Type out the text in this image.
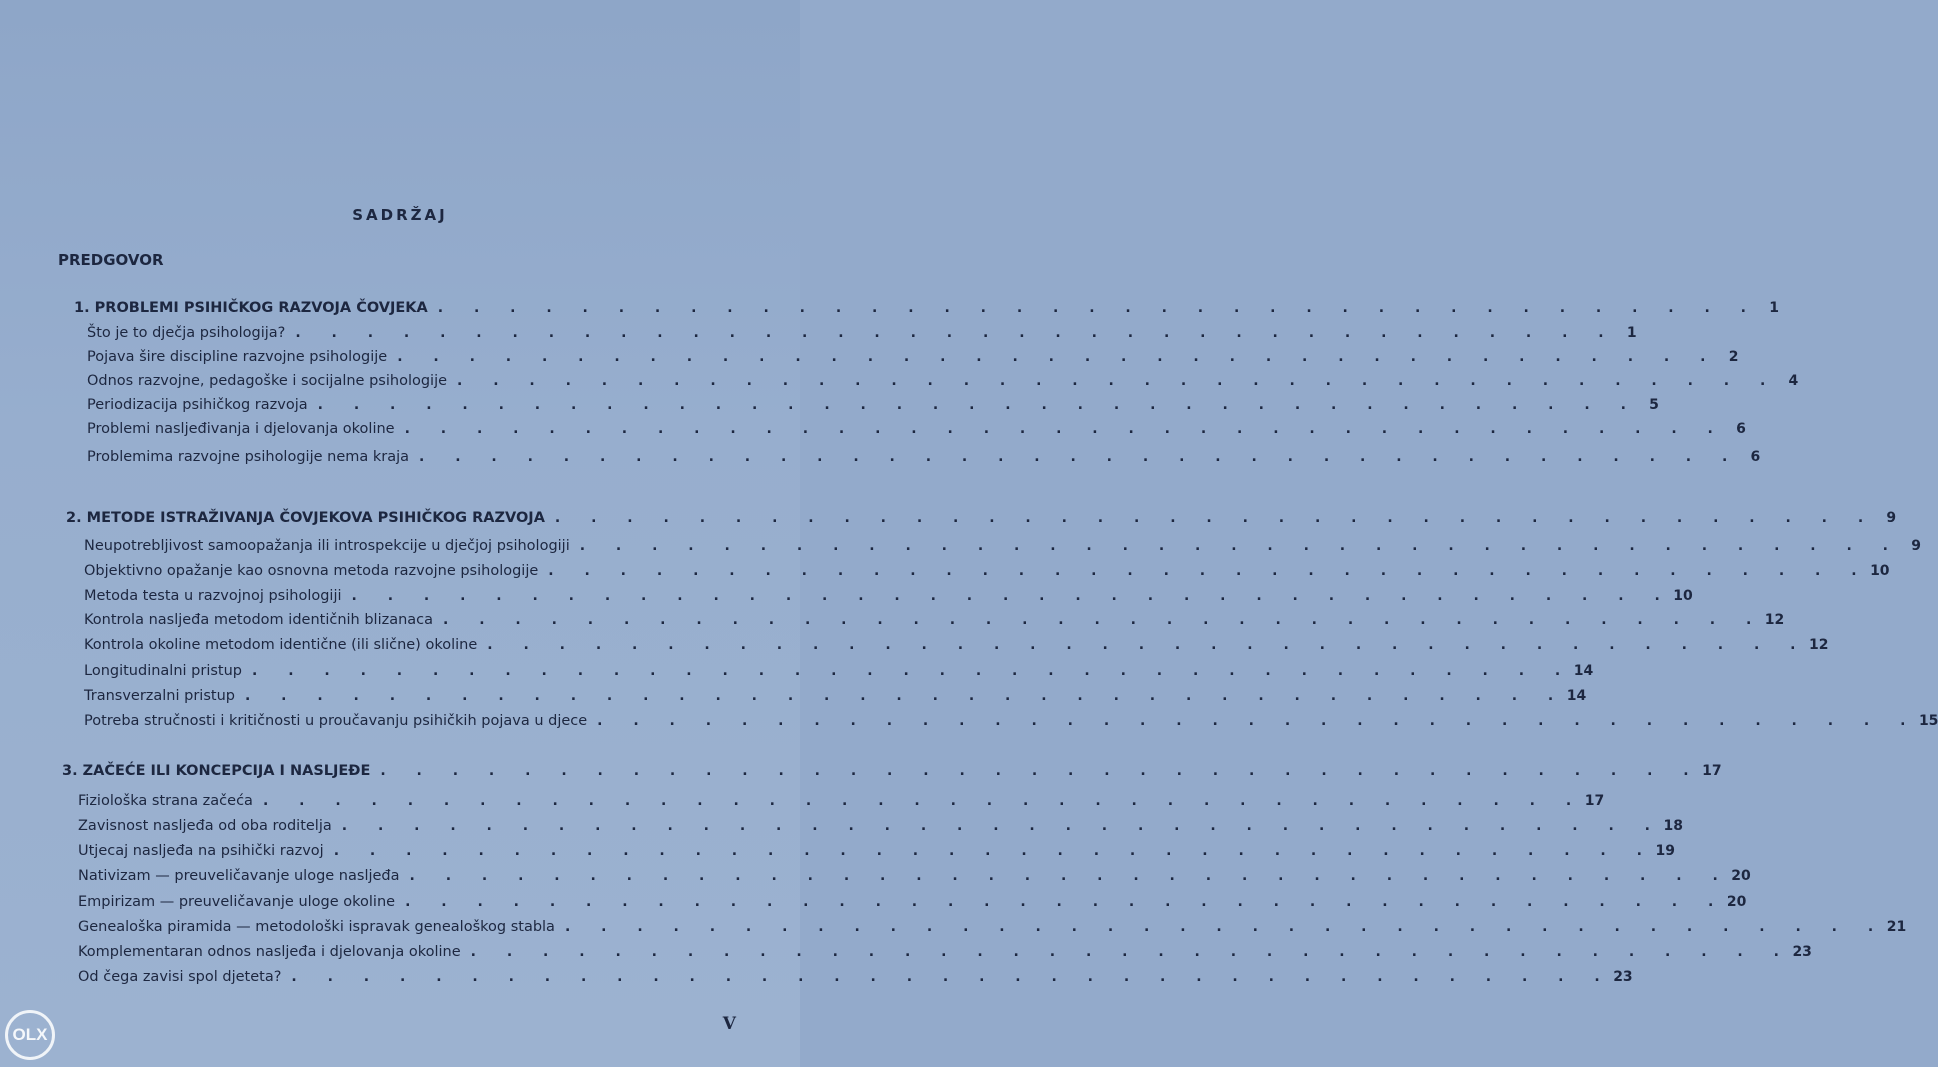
SADRŽAJ
PREDGOVOR
1. PROBLEMI PSIHIČKOG RAZVOJA ČOVJEKA . . . . . . . . . . . . . . . . . . . . . . . . . . . . . . . . . . . . . 1
Što je to dječja psihologija? . . . . . . . . . . . . . . . . . . . . . . . . . . . . . . . . . . . . . 1
Pojava šire discipline razvojne psihologije . . . . . . . . . . . . . . . . . . . . . . . . . . . . . . . . . . . . . 2
Odnos razvojne, pedagoške i socijalne psihologije . . . . . . . . . . . . . . . . . . . . . . . . . . . . . . . . . . . . . 4
Periodizacija psihičkog razvoja . . . . . . . . . . . . . . . . . . . . . . . . . . . . . . . . . . . . . 5
Problemi nasljeđivanja i djelovanja okoline . . . . . . . . . . . . . . . . . . . . . . . . . . . . . . . . . . . . . 6
Problemima razvojne psihologije nema kraja . . . . . . . . . . . . . . . . . . . . . . . . . . . . . . . . . . . . . 6
2. METODE ISTRAŽIVANJA ČOVJEKOVA PSIHIČKOG RAZVOJA . . . . . . . . . . . . . . . . . . . . . . . . . . . . . . . . . . . . . 9
Neupotrebljivost samoopažanja ili introspekcije u dječjoj psihologiji . . . . . . . . . . . . . . . . . . . . . . . . . . . . . . . . . . . . . 9
Objektivno opažanje kao osnovna metoda razvojne psihologije . . . . . . . . . . . . . . . . . . . . . . . . . . . . . . . . . . . . . 10
Metoda testa u razvojnoj psihologiji . . . . . . . . . . . . . . . . . . . . . . . . . . . . . . . . . . . . . 10
Kontrola nasljeđa metodom identičnih blizanaca . . . . . . . . . . . . . . . . . . . . . . . . . . . . . . . . . . . . . 12
Kontrola okoline metodom identične (ili slične) okoline . . . . . . . . . . . . . . . . . . . . . . . . . . . . . . . . . . . . . 12
Longitudinalni pristup . . . . . . . . . . . . . . . . . . . . . . . . . . . . . . . . . . . . . 14
Transverzalni pristup . . . . . . . . . . . . . . . . . . . . . . . . . . . . . . . . . . . . . 14
Potreba stručnosti i kritičnosti u proučavanju psihičkih pojava u djece . . . . . . . . . . . . . . . . . . . . . . . . . . . . . . . . . . . . . 15
3. ZAČEĆE ILI KONCEPCIJA I NASLJEĐE . . . . . . . . . . . . . . . . . . . . . . . . . . . . . . . . . . . . . 17
Fiziološka strana začeća . . . . . . . . . . . . . . . . . . . . . . . . . . . . . . . . . . . . . 17
Zavisnost nasljeđa od oba roditelja . . . . . . . . . . . . . . . . . . . . . . . . . . . . . . . . . . . . . 18
Utjecaj nasljeđa na psihički razvoj . . . . . . . . . . . . . . . . . . . . . . . . . . . . . . . . . . . . . 19
Nativizam — preuveličavanje uloge nasljeđa . . . . . . . . . . . . . . . . . . . . . . . . . . . . . . . . . . . . . 20
Empirizam — preuveličavanje uloge okoline . . . . . . . . . . . . . . . . . . . . . . . . . . . . . . . . . . . . . 20
Genealoška piramida — metodološki ispravak genealoškog stabla . . . . . . . . . . . . . . . . . . . . . . . . . . . . . . . . . . . . . 21
Komplementaran odnos nasljeđa i djelovanja okoline . . . . . . . . . . . . . . . . . . . . . . . . . . . . . . . . . . . . . 23
Od čega zavisi spol djeteta? . . . . . . . . . . . . . . . . . . . . . . . . . . . . . . . . . . . . . 23
V
OLX
